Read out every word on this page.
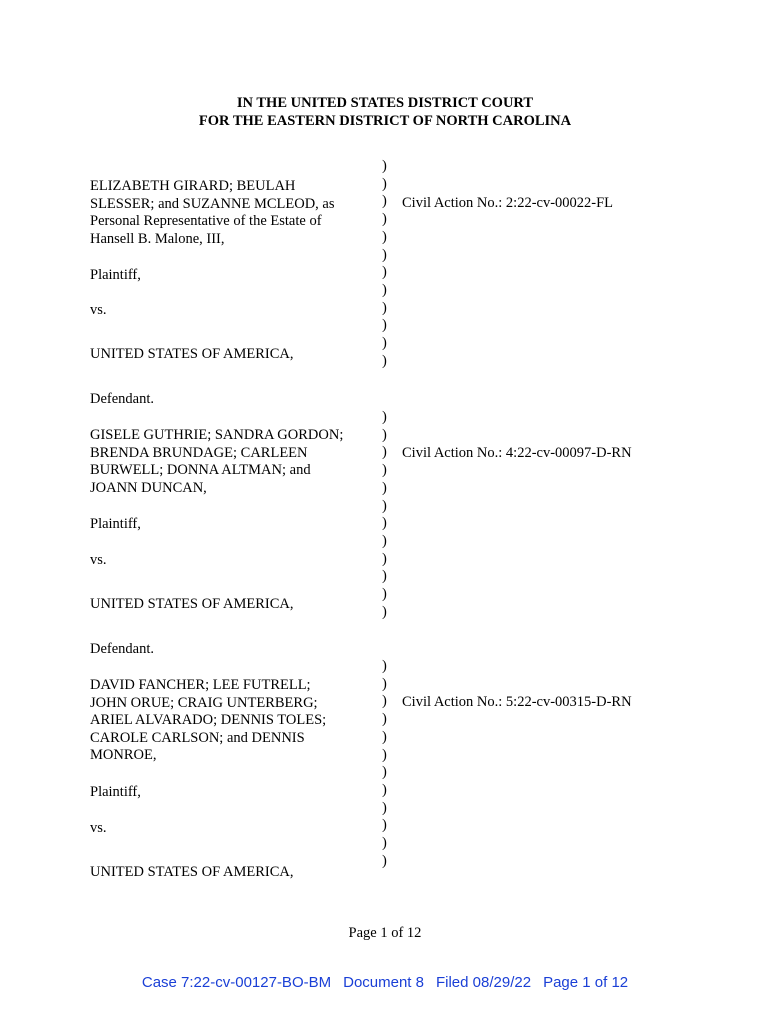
IN THE UNITED STATES DISTRICT COURT
FOR THE EASTERN DISTRICT OF NORTH CAROLINA
)
)
)
)
)
)
)
)
)
)
)
)
ELIZABETH GIRARD; BEULAH
SLESSER; and SUZANNE MCLEOD, as
Personal Representative of the Estate of
Hansell B. Malone, III,
Civil Action No.: 2:22-cv-00022-FL
Plaintiff,
vs.
UNITED STATES OF AMERICA,
Defendant.
)
)
)
)
)
)
)
)
)
)
)
)
GISELE GUTHRIE; SANDRA GORDON;
BRENDA BRUNDAGE; CARLEEN
BURWELL; DONNA ALTMAN; and
JOANN DUNCAN,
Civil Action No.: 4:22-cv-00097-D-RN
Plaintiff,
vs.
UNITED STATES OF AMERICA,
Defendant.
)
)
)
)
)
)
)
)
)
)
)
)
DAVID FANCHER; LEE FUTRELL;
JOHN ORUE; CRAIG UNTERBERG;
ARIEL ALVARADO; DENNIS TOLES;
CAROLE CARLSON; and DENNIS
MONROE,
Civil Action No.: 5:22-cv-00315-D-RN
Plaintiff,
vs.
UNITED STATES OF AMERICA,
Page 1 of 12
Case 7:22-cv-00127-BO-BM Document 8 Filed 08/29/22 Page 1 of 12
